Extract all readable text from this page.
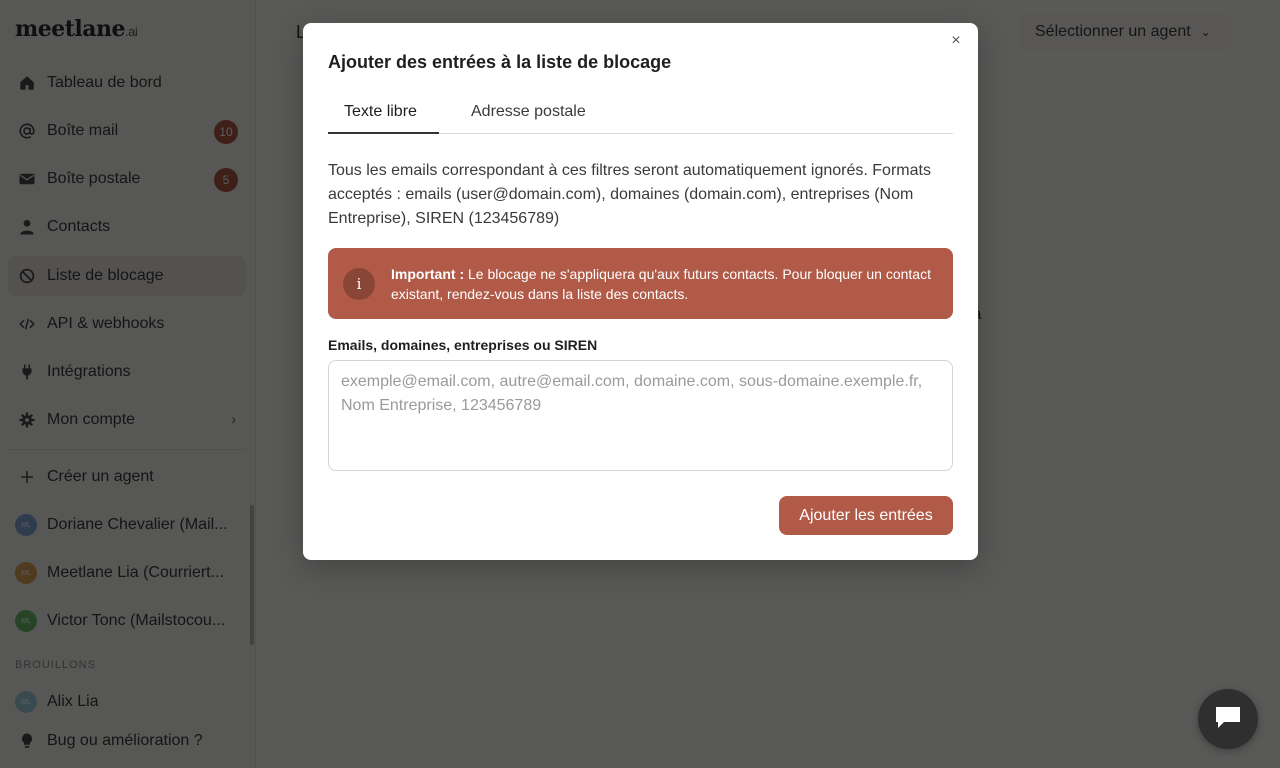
×
Ajouter des entrées à la liste de blocage
Texte libre	Adresse postale
Tous les emails correspondant à ces filtres seront automatiquement ignorés. Formats acceptés : emails (user@domain.com), domaines (domain.com), entreprises (Nom Entreprise), SIREN (123456789)
i
Important : Le blocage ne s'appliquera qu'aux futurs contacts. Pour bloquer un contact existant, rendez-vous dans la liste des contacts.
Emails, domaines, entreprises ou SIREN
exemple@email.com, autre@email.com, domaine.com, sous-domaine.exemple.fr, Nom Entreprise, 123456789
Ajouter les entrées
